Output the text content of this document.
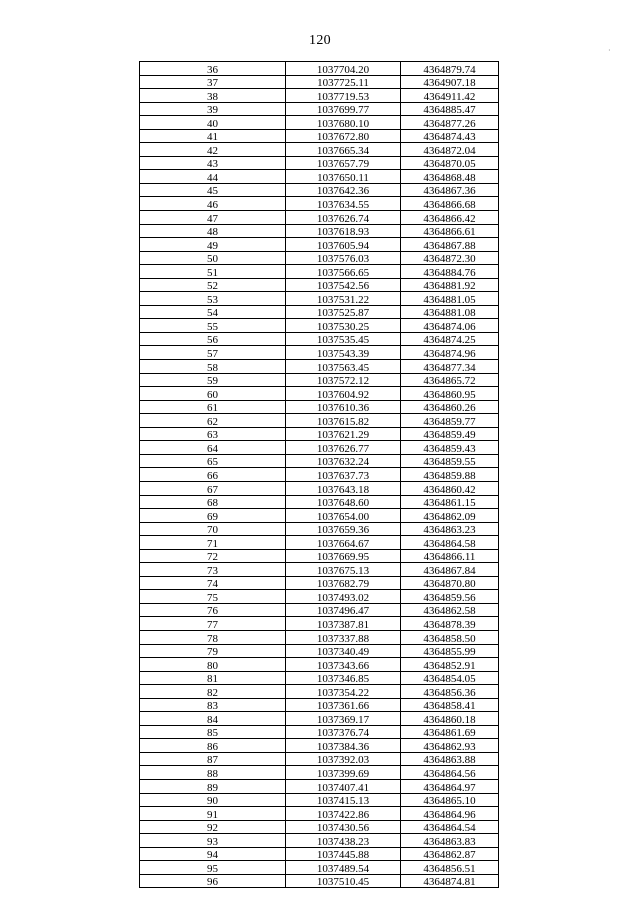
120
·
36	1037704.20	4364879.74
37	1037725.11	4364907.18
38	1037719.53	4364911.42
39	1037699.77	4364885.47
40	1037680.10	4364877.26
41	1037672.80	4364874.43
42	1037665.34	4364872.04
43	1037657.79	4364870.05
44	1037650.11	4364868.48
45	1037642.36	4364867.36
46	1037634.55	4364866.68
47	1037626.74	4364866.42
48	1037618.93	4364866.61
49	1037605.94	4364867.88
50	1037576.03	4364872.30
51	1037566.65	4364884.76
52	1037542.56	4364881.92
53	1037531.22	4364881.05
54	1037525.87	4364881.08
55	1037530.25	4364874.06
56	1037535.45	4364874.25
57	1037543.39	4364874.96
58	1037563.45	4364877.34
59	1037572.12	4364865.72
60	1037604.92	4364860.95
61	1037610.36	4364860.26
62	1037615.82	4364859.77
63	1037621.29	4364859.49
64	1037626.77	4364859.43
65	1037632.24	4364859.55
66	1037637.73	4364859.88
67	1037643.18	4364860.42
68	1037648.60	4364861.15
69	1037654.00	4364862.09
70	1037659.36	4364863.23
71	1037664.67	4364864.58
72	1037669.95	4364866.11
73	1037675.13	4364867.84
74	1037682.79	4364870.80
75	1037493.02	4364859.56
76	1037496.47	4364862.58
77	1037387.81	4364878.39
78	1037337.88	4364858.50
79	1037340.49	4364855.99
80	1037343.66	4364852.91
81	1037346.85	4364854.05
82	1037354.22	4364856.36
83	1037361.66	4364858.41
84	1037369.17	4364860.18
85	1037376.74	4364861.69
86	1037384.36	4364862.93
87	1037392.03	4364863.88
88	1037399.69	4364864.56
89	1037407.41	4364864.97
90	1037415.13	4364865.10
91	1037422.86	4364864.96
92	1037430.56	4364864.54
93	1037438.23	4364863.83
94	1037445.88	4364862.87
95	1037489.54	4364856.51
96	1037510.45	4364874.81
